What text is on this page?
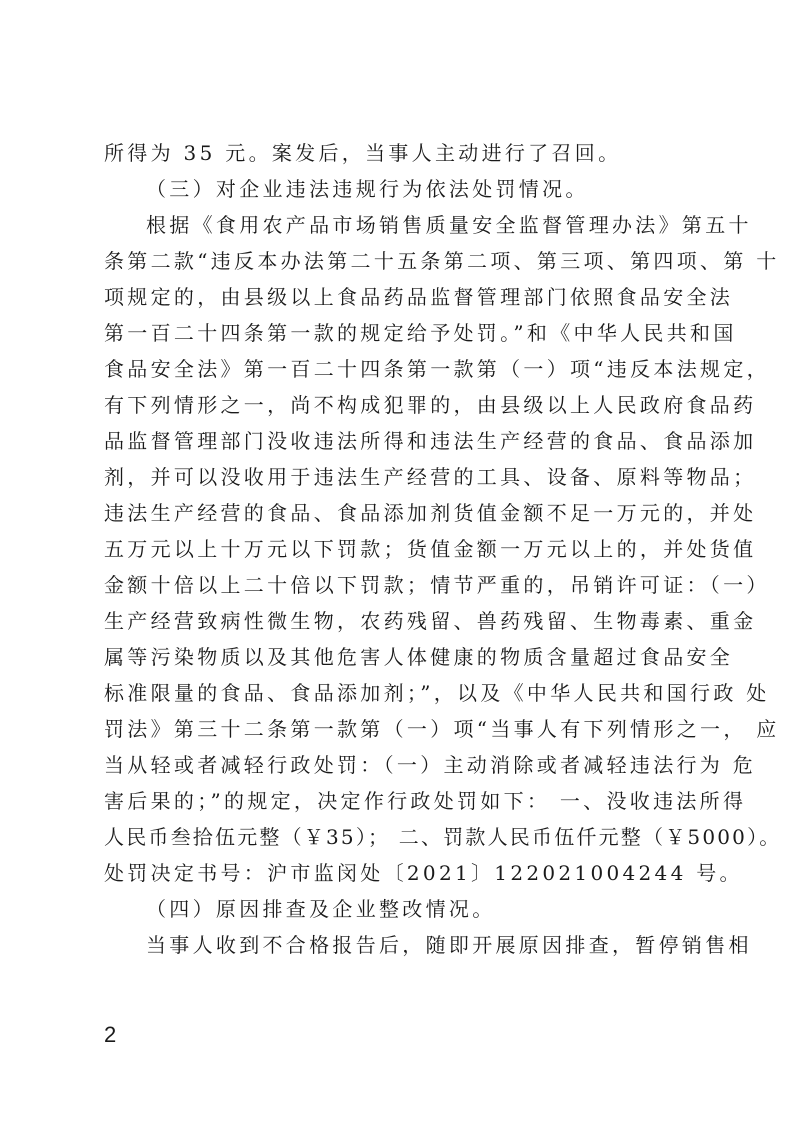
所得为 35 元。案发后，当事人主动进行了召回。
（三）对企业违法违规行为依法处罚情况。
根据《食用农产品市场销售质量安全监督管理办法》第五十
条第二款“违反本办法第二十五条第二项、第三项、第四项、第 十
项规定的，由县级以上食品药品监督管理部门依照食品安全法
第一百二十四条第一款的规定给予处罚。”和《中华人民共和国
食品安全法》第一百二十四条第一款第（一）项“违反本法规定，
有下列情形之一，尚不构成犯罪的，由县级以上人民政府食品药
品监督管理部门没收违法所得和违法生产经营的食品、食品添加
剂，并可以没收用于违法生产经营的工具、设备、原料等物品；
违法生产经营的食品、食品添加剂货值金额不足一万元的，并处
五万元以上十万元以下罚款；货值金额一万元以上的，并处货值
金额十倍以上二十倍以下罚款；情节严重的，吊销许可证：（一）
生产经营致病性微生物，农药残留、兽药残留、生物毒素、重金
属等污染物质以及其他危害人体健康的物质含量超过食品安全
标准限量的食品、食品添加剂；”，以及《中华人民共和国行政 处
罚法》第三十二条第一款第（一）项“当事人有下列情形之一， 应
当从轻或者减轻行政处罚：（一）主动消除或者减轻违法行为 危
害后果的；”的规定，决定作行政处罚如下： 一、没收违法所得
人民币叁拾伍元整（￥35）； 二、罚款人民币伍仟元整（￥5000）。
处罚决定书号：沪市监闵处〔2021〕122021004244 号。
（四）原因排查及企业整改情况。
当事人收到不合格报告后，随即开展原因排查，暂停销售相
2
